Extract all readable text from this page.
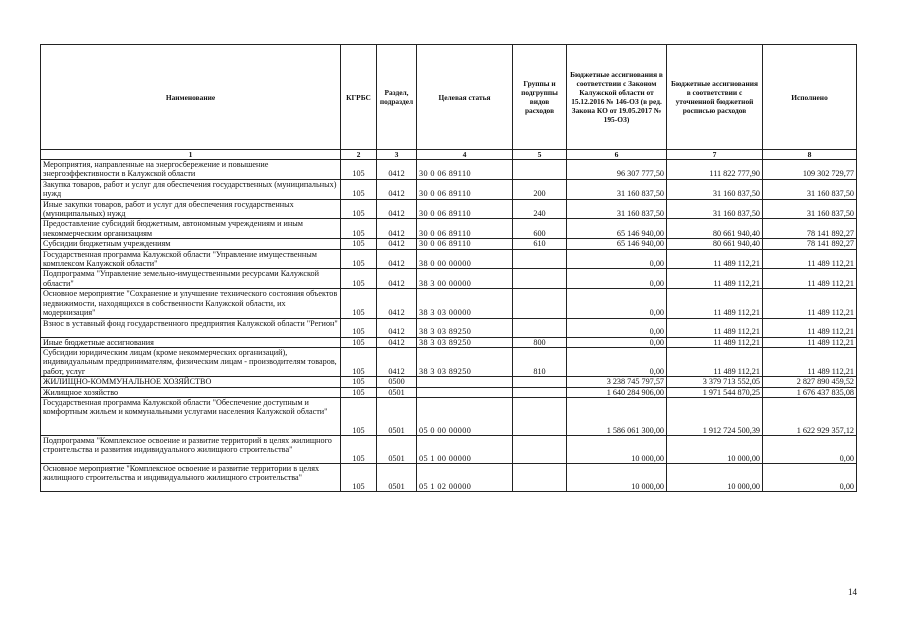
Наименование	КГРБС	Раздел, подраздел	Целевая статья	Группы и подгруппы видов расходов	Бюджетные ассигнования в соответствии с Законом Калужской области от 15.12.2016 № 146-ОЗ (в ред. Закона КО от 19.05.2017 № 195-ОЗ)	Бюджетные ассигнования в соответствии с уточненной бюджетной росписью расходов	Исполнено
1	2	3	4	5	6	7	8
Мероприятия, направленные на энергосбережение и повышение энергоэффективности в Калужской области	105	0412	30 0 06 89110		96 307 777,50	111 822 777,90	109 302 729,77
Закупка товаров, работ и услуг для обеспечения государственных (муниципальных) нужд	105	0412	30 0 06 89110	200	31 160 837,50	31 160 837,50	31 160 837,50
Иные закупки товаров, работ и услуг для обеспечения государственных (муниципальных) нужд	105	0412	30 0 06 89110	240	31 160 837,50	31 160 837,50	31 160 837,50
Предоставление субсидий бюджетным, автономным учреждениям и иным некоммерческим организациям	105	0412	30 0 06 89110	600	65 146 940,00	80 661 940,40	78 141 892,27
Субсидии бюджетным учреждениям	105	0412	30 0 06 89110	610	65 146 940,00	80 661 940,40	78 141 892,27
Государственная программа Калужской области "Управление имущественным комплексом Калужской области"	105	0412	38 0 00 00000		0,00	11 489 112,21	11 489 112,21
Подпрограмма "Управление земельно-имущественными ресурсами Калужской области"	105	0412	38 3 00 00000		0,00	11 489 112,21	11 489 112,21
Основное мероприятие "Сохранение и улучшение технического состояния объектов недвижимости, находящихся в собственности Калужской области, их модернизация"	105	0412	38 3 03 00000		0,00	11 489 112,21	11 489 112,21
Взнос в уставный фонд государственного предприятия Калужской области "Регион"	105	0412	38 3 03 89250		0,00	11 489 112,21	11 489 112,21
Иные бюджетные ассигнования	105	0412	38 3 03 89250	800	0,00	11 489 112,21	11 489 112,21
Субсидии юридическим лицам (кроме некоммерческих организаций), индивидуальным предпринимателям, физическим лицам - производителям товаров, работ, услуг	105	0412	38 3 03 89250	810	0,00	11 489 112,21	11 489 112,21
ЖИЛИЩНО-КОММУНАЛЬНОЕ ХОЗЯЙСТВО	105	0500			3 238 745 797,57	3 379 713 552,05	2 827 890 459,52
Жилищное хозяйство	105	0501			1 640 284 906,00	1 971 544 870,25	1 676 437 835,08
Государственная программа Калужской области "Обеспечение доступным и комфортным жильем и коммунальными услугами населения Калужской области"	105	0501	05 0 00 00000		1 586 061 300,00	1 912 724 500,39	1 622 929 357,12
Подпрограмма "Комплексное освоение и развитие территорий в целях жилищного строительства и развития индивидуального жилищного строительства"	105	0501	05 1 00 00000		10 000,00	10 000,00	0,00
Основное мероприятие "Комплексное освоение и развитие территории в целях жилищного строительства и индивидуального жилищного строительства"	105	0501	05 1 02 00000		10 000,00	10 000,00	0,00
14
